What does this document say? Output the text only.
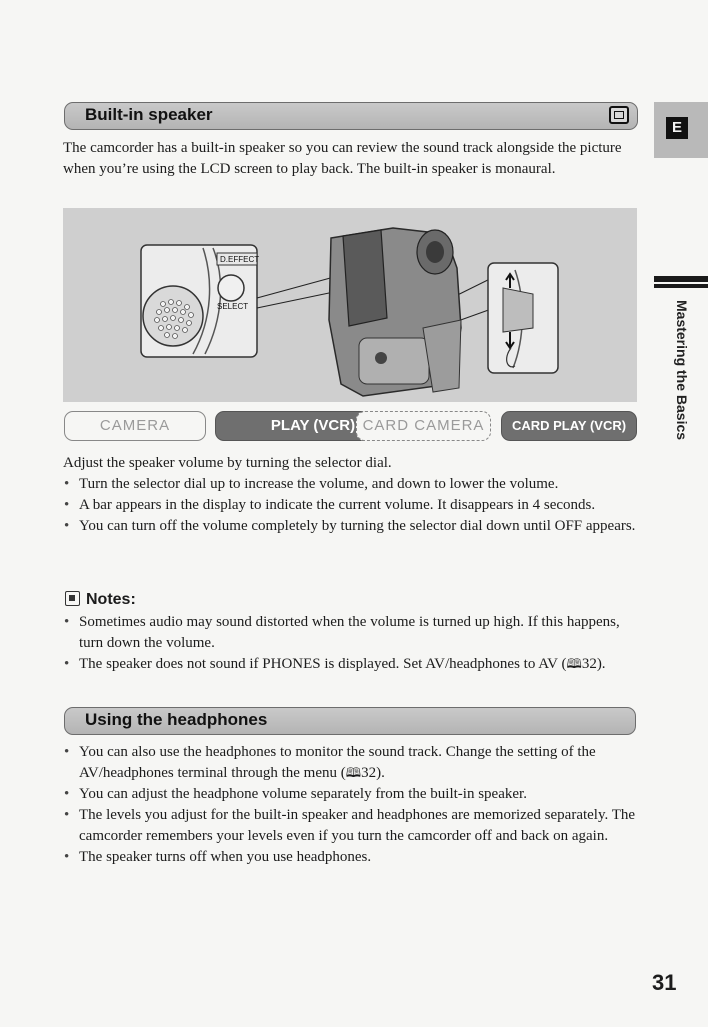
E
Mastering the Basics
Built-in speaker

The camcorder has a built-in speaker so you can review the sound track alongside the picture when you’re using the LCD screen to play back. The built-in speaker is monaural.

D.EFFECT
SELECT
CAMERA	PLAY (VCR) CARD CAMERA	CARD PLAY (VCR)

Adjust the speaker volume by turning the selector dial.

• Turn the selector dial up to increase the volume, and down to lower the volume.
• A bar appears in the display to indicate the current volume. It disappears in 4 seconds.
• You can turn off the volume completely by turning the selector dial down until OFF appears.
Notes:
• Sometimes audio may sound distorted when the volume is turned up high. If this happens, turn down the volume.
• The speaker does not sound if PHONES is displayed. Set AV/headphones to AV (🕮32).
Using the headphones
• You can also use the headphones to monitor the sound track. Change the setting of the AV/headphones terminal through the menu (🕮32).
• You can adjust the headphone volume separately from the built-in speaker.
• The levels you adjust for the built-in speaker and headphones are memorized separately. The camcorder remembers your levels even if you turn the camcorder off and back on again.
• The speaker turns off when you use headphones.
31
